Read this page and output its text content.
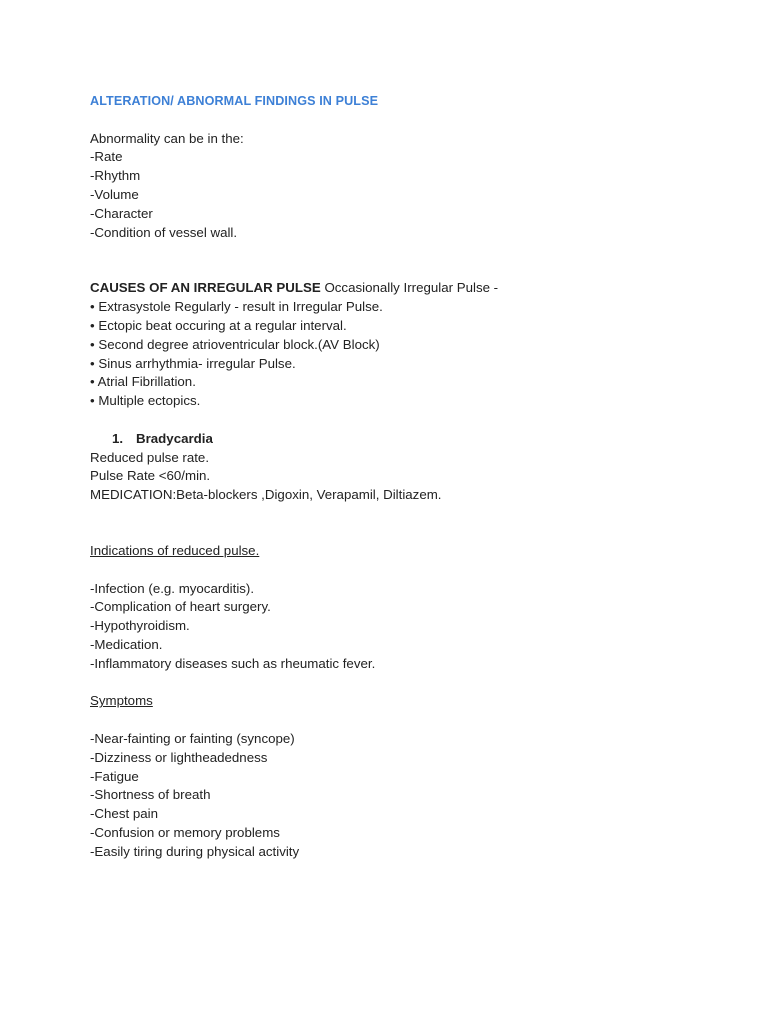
ALTERATION/ ABNORMAL FINDINGS IN PULSE

Abnormality can be in the:

-Rate

-Rhythm

-Volume

-Character

-Condition of vessel wall.

CAUSES OF AN IRREGULAR PULSE Occasionally Irregular Pulse -

• Extrasystole Regularly - result in Irregular Pulse.

• Ectopic beat occuring at a regular interval.

• Second degree atrioventricular block.(AV Block)

• Sinus arrhythmia- irregular Pulse.

• Atrial Fibrillation.

• Multiple ectopics.

1. Bradycardia

Reduced pulse rate.

Pulse Rate <60/min.

MEDICATION:Beta-blockers ,Digoxin, Verapamil, Diltiazem.

Indications of reduced pulse.

-Infection (e.g. myocarditis).

-Complication of heart surgery.

-Hypothyroidism.

-Medication.

-Inflammatory diseases such as rheumatic fever.

Symptoms

-Near-fainting or fainting (syncope)

-Dizziness or lightheadedness

-Fatigue

-Shortness of breath

-Chest pain

-Confusion or memory problems

-Easily tiring during physical activity
